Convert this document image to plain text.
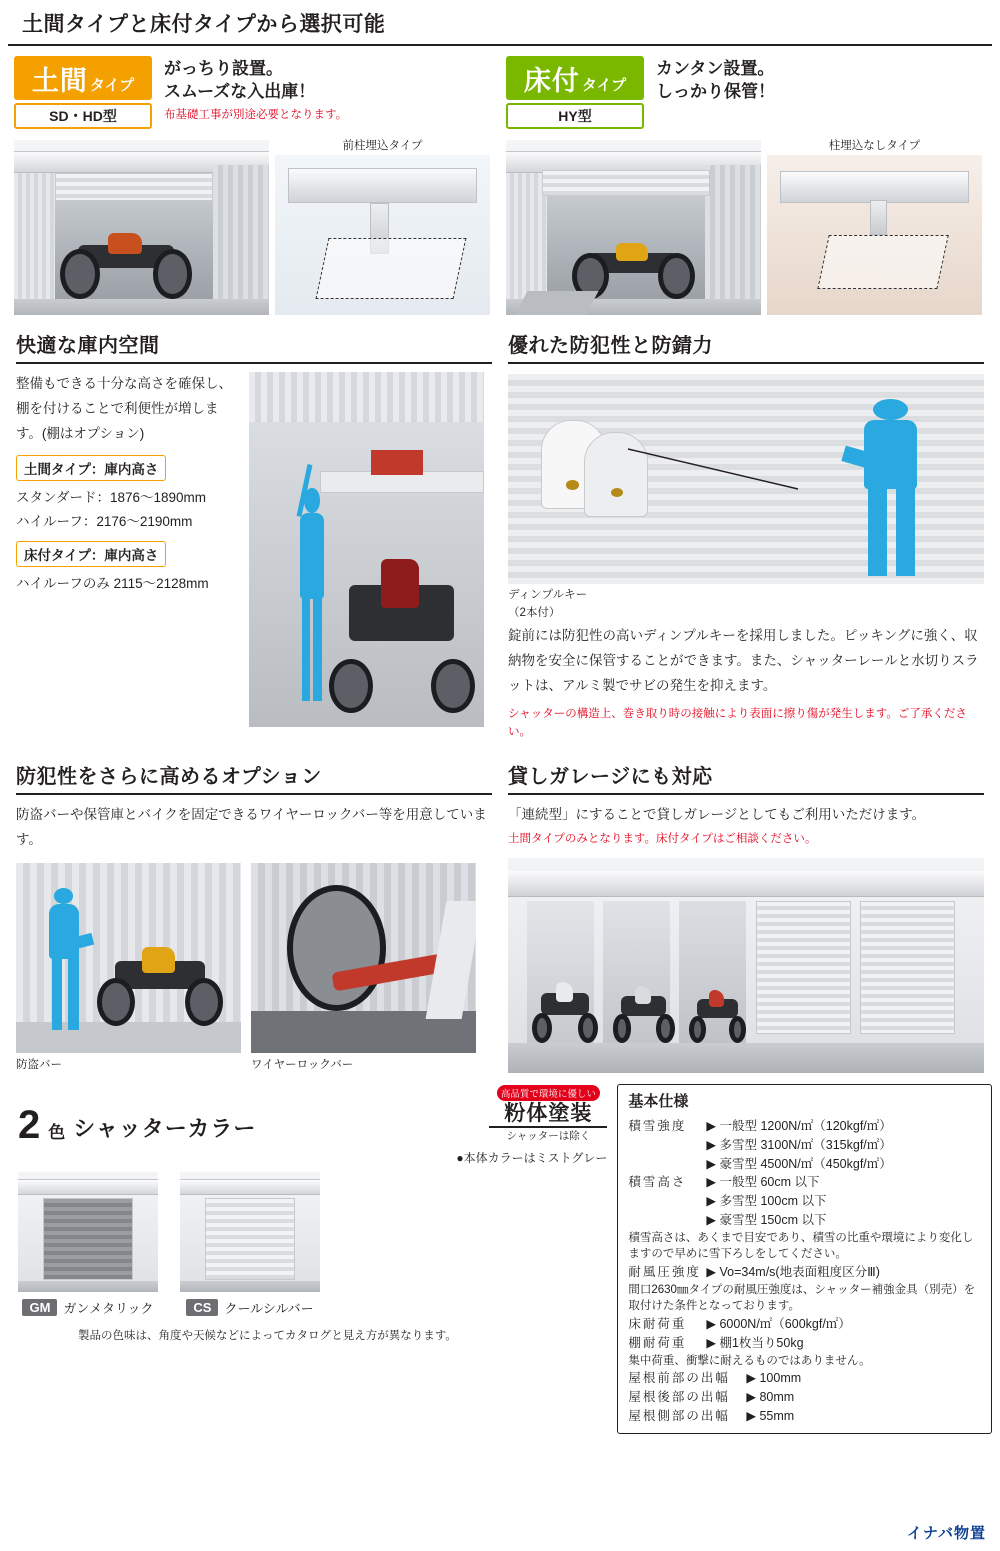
土間タイプと床付タイプから選択可能
土間 タイプ
SD・HD型
がっちり設置。
スムーズな入出庫！
布基礎工事が別途必要となります。
前柱埋込タイプ
床付 タイプ
HY型
カンタン設置。
しっかり保管！
柱埋込なしタイプ
快適な庫内空間
整備もできる十分な高さを確保し、棚を付けることで利便性が増します。(棚はオプション)
土間タイプ：庫内高さ
スタンダード：1876〜1890mm
ハイルーフ：2176〜2190mm
床付タイプ：庫内高さ
ハイルーフのみ 2115〜2128mm
優れた防犯性と防錆力
ディンプルキー
（2本付）
錠前には防犯性の高いディンプルキーを採用しました。ピッキングに強く、収納物を安全に保管することができます。また、シャッターレールと水切りスラットは、アルミ製でサビの発生を抑えます。
シャッターの構造上、巻き取り時の接触により表面に擦り傷が発生します。ご了承ください。
防犯性をさらに高めるオプション
防盗バーや保管庫とバイクを固定できるワイヤーロックバー等を用意しています。
防盗バー	ワイヤーロックバー
貸しガレージにも対応
「連続型」にすることで貸しガレージとしてもご利用いただけます。
土間タイプのみとなります。床付タイプはご相談ください。
2 色 シャッターカラー
高品質で環境に優しい
粉体塗装
シャッターは除く
●本体カラーはミストグレー
GM	ガンメタリック	CS	クールシルバー
製品の色味は、角度や天候などによってカタログと見え方が異なります。
基本仕様
積雪強度	▶ 一般型 1200N/㎡（120kgf/㎡）
▶ 多雪型 3100N/㎡（315kgf/㎡）
▶ 豪雪型 4500N/㎡（450kgf/㎡）
積雪高さ	▶ 一般型 60cm 以下
▶ 多雪型 100cm 以下
▶ 豪雪型 150cm 以下
積雪高さは、あくまで目安であり、積雪の比重や環境により変化しますので早めに雪下ろしをしてください。
耐風圧強度 ▶ Vo=34m/s(地表面粗度区分Ⅲ)
間口2630㎜タイプの耐風圧強度は、シャッター補強金具（別売）を取付けた条件となっております。
床耐荷重	▶ 6000N/㎡（600kgf/㎡）
棚耐荷重	▶ 棚1枚当り50kg
集中荷重、衝撃に耐えるものではありません。
屋根前部の出幅	▶ 100mm
屋根後部の出幅	▶ 80mm
屋根側部の出幅	▶ 55mm
イナバ物置
